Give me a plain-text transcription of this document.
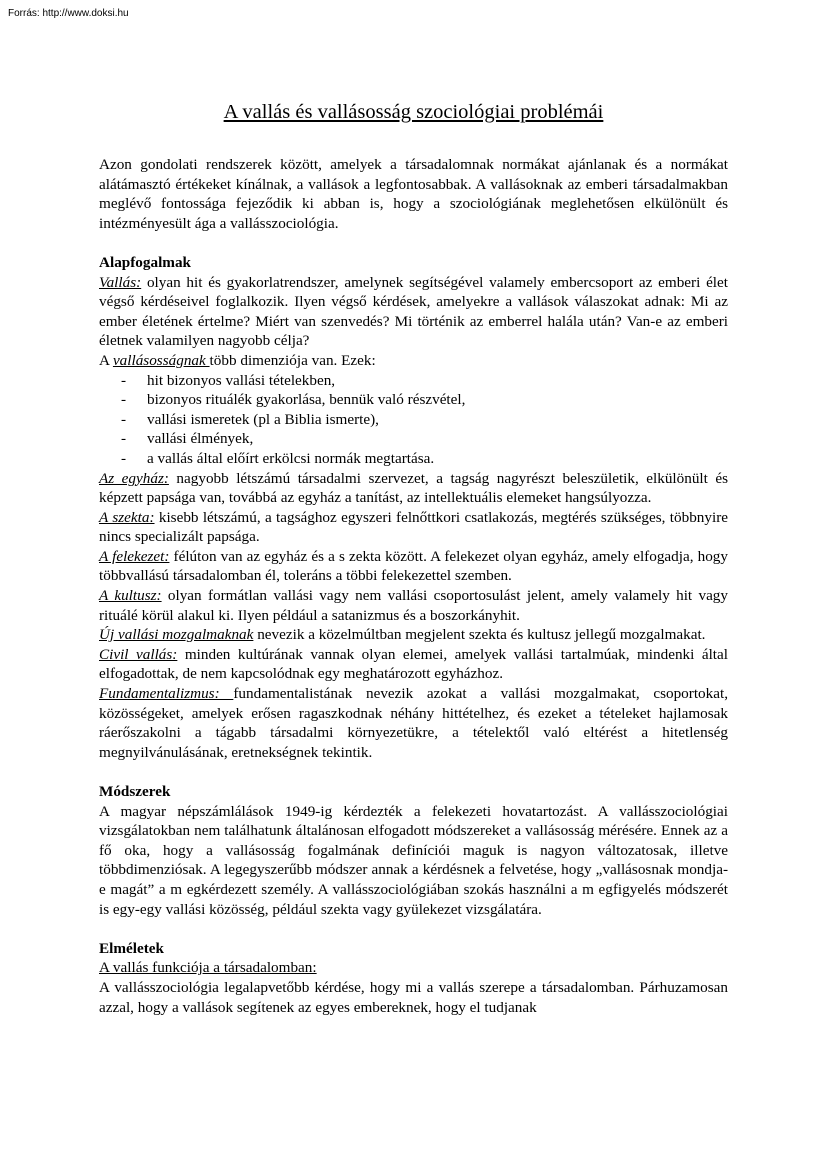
Forrás: http://www.doksi.hu
A vallás és vallásosság szociológiai problémái

Azon gondolati rendszerek között, amelyek a társadalomnak normákat ajánlanak és a normákat alátámasztó értékeket kínálnak, a vallások a legfontosabbak. A vallásoknak az emberi társadalmakban meglévő fontossága fejeződik ki abban is, hogy a szociológiának meglehetősen elkülönült és intézményesült ága a vallásszociológia.

Alapfogalmak

Vallás: olyan hit és gyakorlatrendszer, amelynek segítségével valamely embercsoport az emberi élet végső kérdéseivel foglalkozik. Ilyen végső kérdések, amelyekre a vallások válaszokat adnak: Mi az ember életének értelme? Miért van szenvedés? Mi történik az emberrel halála után? Van-e az emberi életnek valamilyen nagyobb célja?

A vallásosságnak több dimenziója van. Ezek:

- hit bizonyos vallási tételekben,
- bizonyos rituálék gyakorlása, bennük való részvétel,
- vallási ismeretek (pl a Biblia ismerte),
- vallási élmények,
- a vallás által előírt erkölcsi normák megtartása.

Az egyház: nagyobb létszámú társadalmi szervezet, a tagság nagyrészt beleszületik, elkülönült és képzett papsága van, továbbá az egyház a tanítást, az intellektuális elemeket hangsúlyozza.

A szekta: kisebb létszámú, a tagsághoz egyszeri felnőttkori csatlakozás, megtérés szükséges, többnyire nincs specializált papsága.

A felekezet: félúton van az egyház és a s zekta között. A felekezet olyan egyház, amely elfogadja, hogy többvallású társadalomban él, toleráns a többi felekezettel szemben.

A kultusz: olyan formátlan vallási vagy nem vallási csoportosulást jelent, amely valamely hit vagy rituálé körül alakul ki. Ilyen például a satanizmus és a boszorkányhit.

Új vallási mozgalmaknak nevezik a közelmúltban megjelent szekta és kultusz jellegű mozgalmakat.

Civil vallás: minden kultúrának vannak olyan elemei, amelyek vallási tartalmúak, mindenki által elfogadottak, de nem kapcsolódnak egy meghatározott egyházhoz.

Fundamentalizmus: fundamentalistának nevezik azokat a vallási mozgalmakat, csoportokat, közösségeket, amelyek erősen ragaszkodnak néhány hittételhez, és ezeket a tételeket hajlamosak ráerőszakolni a tágabb társadalmi környezetükre, a tételektől való eltérést a hitetlenség megnyilvánulásának, eretnekségnek tekintik.

Módszerek

A magyar népszámlálások 1949-ig kérdezték a felekezeti hovatartozást. A vallásszociológiai vizsgálatokban nem találhatunk általánosan elfogadott módszereket a vallásosság mérésére. Ennek az a fő oka, hogy a vallásosság fogalmának definíciói maguk is nagyon változatosak, illetve többdimenziósak. A legegyszerűbb módszer annak a kérdésnek a felvetése, hogy „vallásosnak mondja-e magát” a m egkérdezett személy. A vallásszociológiában szokás használni a m egfigyelés módszerét is egy-egy vallási közösség, például szekta vagy gyülekezet vizsgálatára.

Elméletek

A vallás funkciója a társadalomban:

A vallásszociológia legalapvetőbb kérdése, hogy mi a vallás szerepe a társadalomban. Párhuzamosan azzal, hogy a vallások segítenek az egyes embereknek, hogy el tudjanak
